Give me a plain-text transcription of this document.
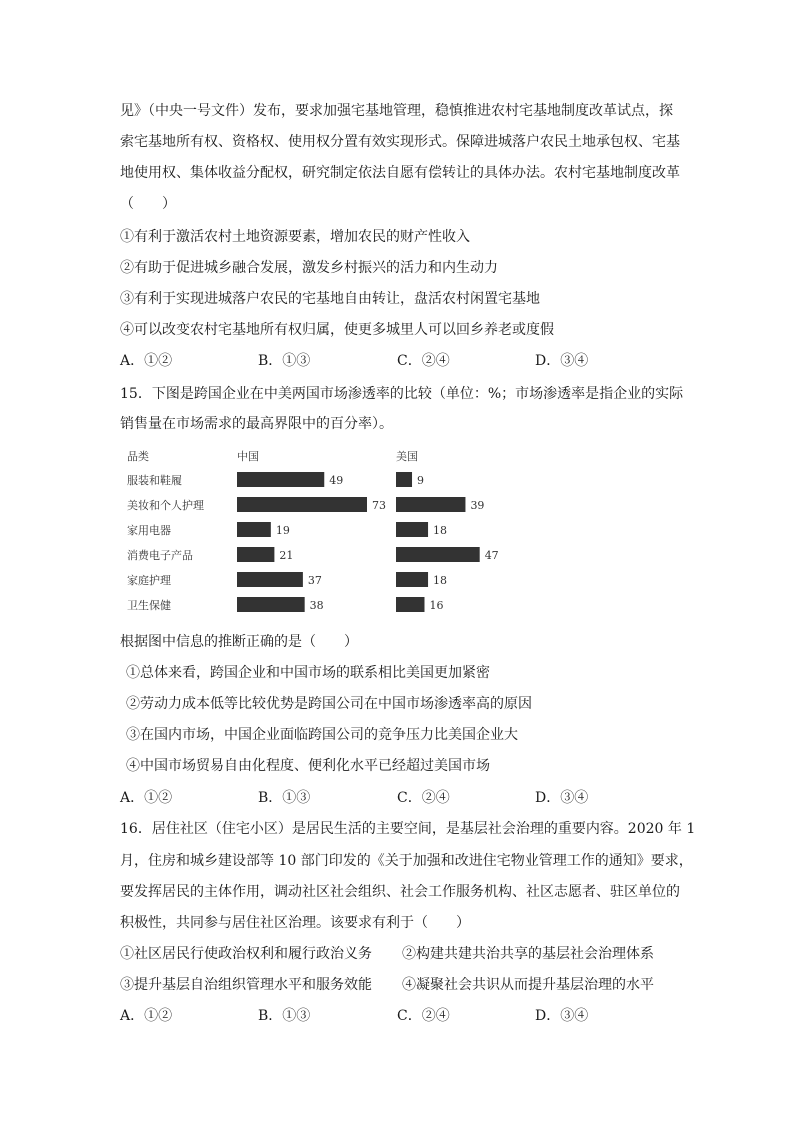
见》（中央一号文件）发布，要求加强宅基地管理，稳慎推进农村宅基地制度改革试点，探
索宅基地所有权、资格权、使用权分置有效实现形式。保障进城落户农民土地承包权、宅基
地使用权、集体收益分配权，研究制定依法自愿有偿转让的具体办法。农村宅基地制度改革
（　　）
①有利于激活农村土地资源要素，增加农民的财产性收入
②有助于促进城乡融合发展，激发乡村振兴的活力和内生动力
③有利于实现进城落户农民的宅基地自由转让，盘活农村闲置宅基地
④可以改变农村宅基地所有权归属，使更多城里人可以回乡养老或度假
A．①②	B．①③	C．②④	D．③④
15．下图是跨国企业在中美两国市场渗透率的比较（单位：%；市场渗透率是指企业的实际
销售量在市场需求的最高界限中的百分率）。
品类	中国	美国
服装和鞋履	49	9
美妆和个人护理	73	39
家用电器	19	18
消费电子产品	21	47
家庭护理	37	18
卫生保健	38	16
根据图中信息的推断正确的是（　　）
①总体来看，跨国企业和中国市场的联系相比美国更加紧密
②劳动力成本低等比较优势是跨国公司在中国市场渗透率高的原因
③在国内市场，中国企业面临跨国公司的竞争压力比美国企业大
④中国市场贸易自由化程度、便利化水平已经超过美国市场
A．①②	B．①③	C．②④	D．③④
16．居住社区（住宅小区）是居民生活的主要空间，是基层社会治理的重要内容。2020 年 1
月，住房和城乡建设部等 10 部门印发的《关于加强和改进住宅物业管理工作的通知》要求，
要发挥居民的主体作用，调动社区社会组织、社会工作服务机构、社区志愿者、驻区单位的
积极性，共同参与居住社区治理。该要求有利于（　　）
①社区居民行使政治权利和履行政治义务 ②构建共建共治共享的基层社会治理体系
③提升基层自治组织管理水平和服务效能 ④凝聚社会共识从而提升基层治理的水平
A．①②	B．①③	C．②④	D．③④
